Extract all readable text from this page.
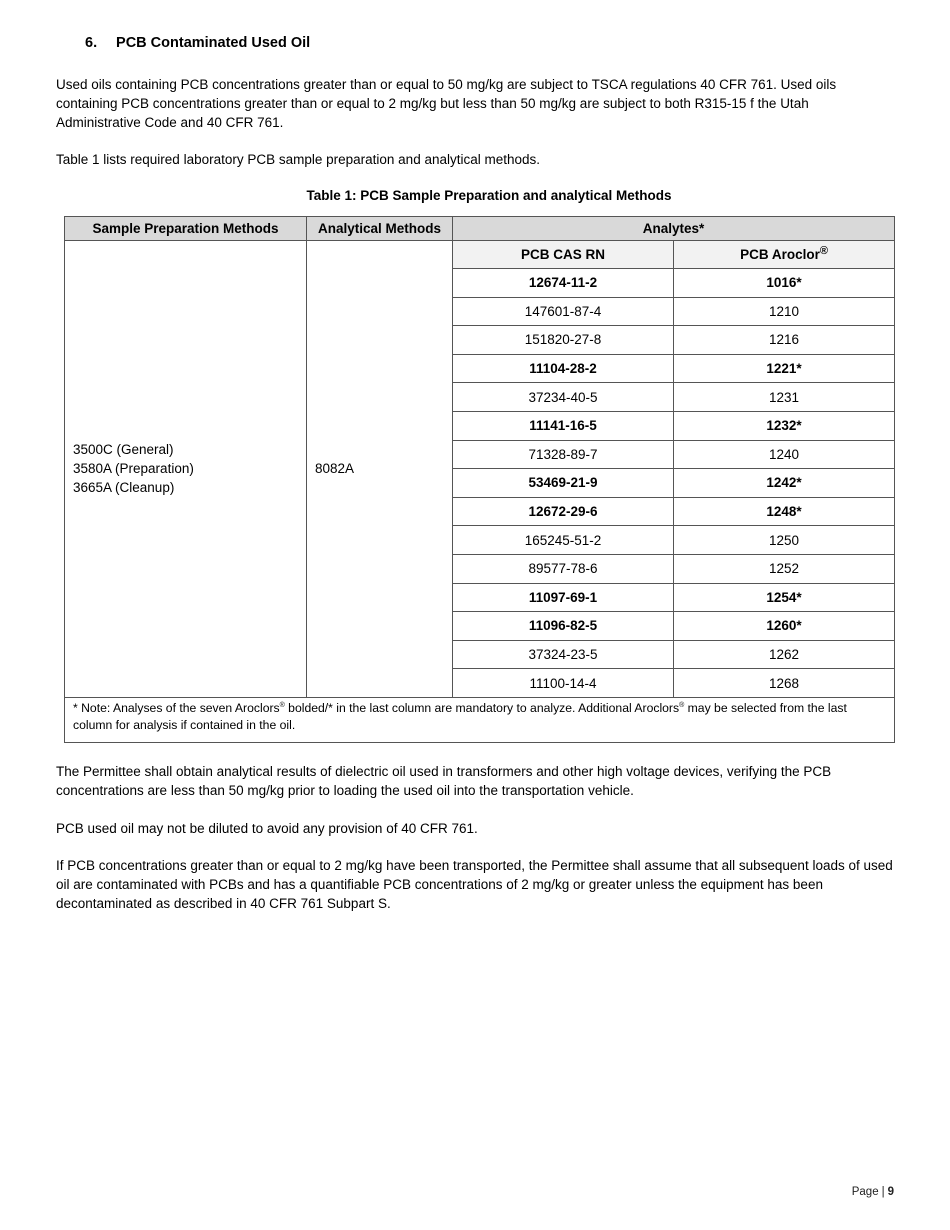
6. PCB Contaminated Used Oil

Used oils containing PCB concentrations greater than or equal to 50 mg/kg are subject to TSCA regulations 40 CFR 761. Used oils containing PCB concentrations greater than or equal to 2 mg/kg but less than 50 mg/kg are subject to both R315-15 f the Utah Administrative Code and 40 CFR 761.

Table 1 lists required laboratory PCB sample preparation and analytical methods.

Table 1: PCB Sample Preparation and analytical Methods
Sample Preparation Methods	Analytical Methods	Analytes*	

3500C (General)
3580A (Preparation)
3665A (Cleanup)	8082A	PCB CAS RN	PCB Aroclor®
		12674-11-2	1016*
		147601-87-4	1210
		151820-27-8	1216
		11104-28-2	1221*
		37234-40-5	1231
		11141-16-5	1232*
		71328-89-7	1240
		53469-21-9	1242*
		12672-29-6	1248*
		165245-51-2	1250
		89577-78-6	1252
		11097-69-1	1254*
		11096-82-5	1260*
		37324-23-5	1262
		11100-14-4	1268
* Note: Analyses of the seven Aroclors® bolded/* in the last column are mandatory to analyze. Additional Aroclors® may be selected from the last column for analysis if contained in the oil.			

The Permittee shall obtain analytical results of dielectric oil used in transformers and other high voltage devices, verifying the PCB concentrations are less than 50 mg/kg prior to loading the used oil into the transportation vehicle.

PCB used oil may not be diluted to avoid any provision of 40 CFR 761.

If PCB concentrations greater than or equal to 2 mg/kg have been transported, the Permittee shall assume that all subsequent loads of used oil are contaminated with PCBs and has a quantifiable PCB concentrations of 2 mg/kg or greater unless the equipment has been decontaminated as described in 40 CFR 761 Subpart S.

Page | 9
